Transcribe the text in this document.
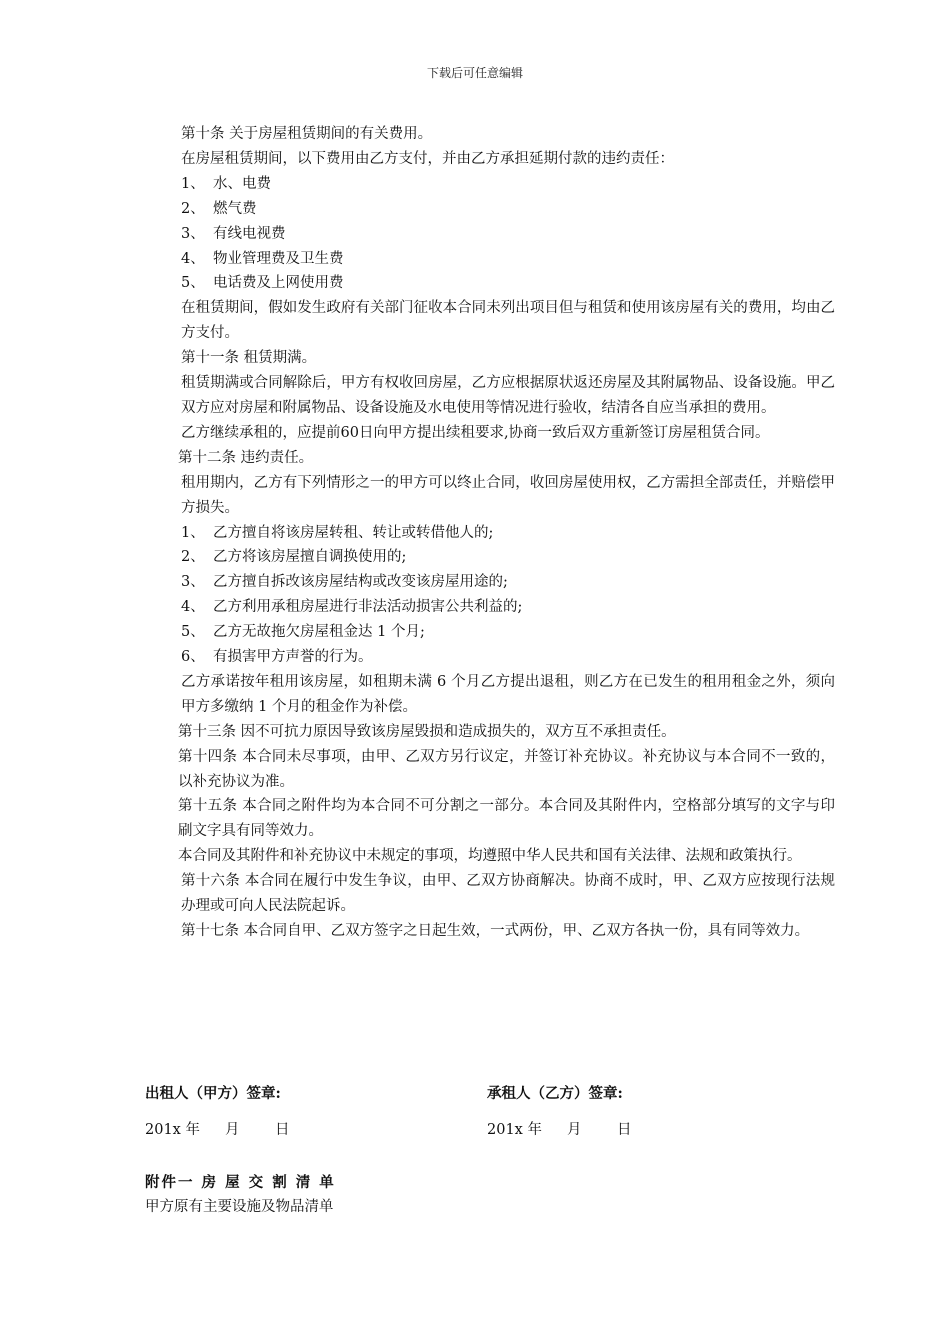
下载后可任意编辑

第十条 关于房屋租赁期间的有关费用。

在房屋租赁期间，以下费用由乙方支付，并由乙方承担延期付款的违约责任：

1、 水、电费

2、 燃气费

3、 有线电视费

4、 物业管理费及卫生费

5、 电话费及上网使用费

在租赁期间，假如发生政府有关部门征收本合同未列出项目但与租赁和使用该房屋有关的费用，均由乙方支付。

第十一条 租赁期满。

租赁期满或合同解除后，甲方有权收回房屋，乙方应根据原状返还房屋及其附属物品、设备设施。甲乙双方应对房屋和附属物品、设备设施及水电使用等情况进行验收，结清各自应当承担的费用。

乙方继续承租的，应提前60日向甲方提出续租要求,协商一致后双方重新签订房屋租赁合同。

第十二条 违约责任。

租用期内，乙方有下列情形之一的甲方可以终止合同，收回房屋使用权，乙方需担全部责任，并赔偿甲方损失。

1、 乙方擅自将该房屋转租、转让或转借他人的;

2、 乙方将该房屋擅自调换使用的;

3、 乙方擅自拆改该房屋结构或改变该房屋用途的;

4、 乙方利用承租房屋进行非法活动损害公共利益的;

5、 乙方无故拖欠房屋租金达 1 个月;

6、 有损害甲方声誉的行为。

乙方承诺按年租用该房屋，如租期未满 6 个月乙方提出退租，则乙方在已发生的租用租金之外，须向甲方多缴纳 1 个月的租金作为补偿。

第十三条 因不可抗力原因导致该房屋毁损和造成损失的，双方互不承担责任。

第十四条 本合同未尽事项，由甲、乙双方另行议定，并签订补充协议。补充协议与本合同不一致的，以补充协议为准。

第十五条 本合同之附件均为本合同不可分割之一部分。本合同及其附件内，空格部分填写的文字与印刷文字具有同等效力。

本合同及其附件和补充协议中未规定的事项，均遵照中华人民共和国有关法律、法规和政策执行。

第十六条 本合同在履行中发生争议，由甲、乙双方协商解决。协商不成时，甲、乙双方应按现行法规办理或可向人民法院起诉。

第十七条 本合同自甲、乙双方签字之日起生效，一式两份，甲、乙双方各执一份，具有同等效力。

出租人（甲方）签章:	承租人（乙方）签章:
201x 年 月 日	201x 年 月 日
附件一 房 屋 交 割 清 单
甲方原有主要设施及物品清单
